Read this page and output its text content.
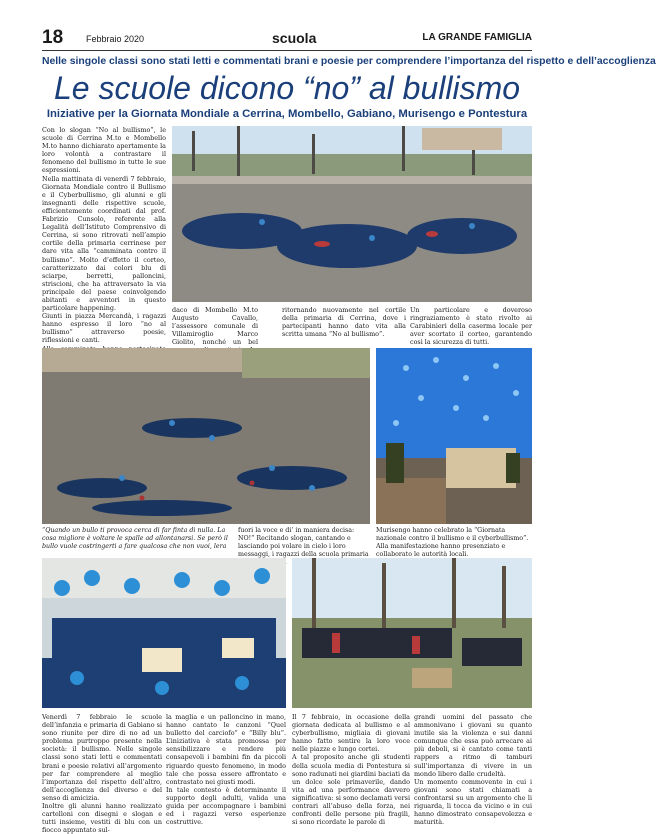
18	Febbraio 2020	scuola	LA GRANDE FAMIGLIA
Nelle singole classi sono stati letti e commentati brani e poesie per comprendere l’importanza del rispetto e dell’accoglienza
Le scuole dicono “no” al bullismo
Iniziative per la Giornata Mondiale a Cerrina, Mombello, Gabiano, Murisengo e Pontestura

Con lo slogan “No al bullismo”, le scuole di Cerrina M.to e Mombello M.to hanno dichiarato apertamente la loro volontà a contrastare il fenomeno del bullismo in tutte le sue espressioni.

Nella mattinata di venerdì 7 febbraio, Giornata Mondiale contro il Bullismo e il Cyberbullismo, gli alunni e gli insegnanti delle rispettive scuole, efficientemente coordinati dal prof. Fabrizio Cunsolo, referente alla Legalità dell’Istituto Comprensivo di Cerrina, si sono ritrovati nell’ampio cortile della primaria cerrinese per dare vita alla “camminata contro il bullismo”. Molto d’effetto il corteo, caratterizzato dai colori blu di sciarpe, berretti, palloncini, striscioni, che ha attraversato la via principale del paese coinvolgendo abitanti e avventori in questo particolare happening.

Giunti in piazza Mercandà, i ragazzi hanno espresso il loro “no al bullismo” attraverso poesie, riflessioni e canti.

daco di Mombello M.to Augusto Cavallo, l’assessore comunale di Villamiroglio Marco Giolito, nonché un bel
ritornando nuovamente nel cortile della primaria di Cerrina, dove i partecipanti hanno dato vita alla scritta umana “No al bullismo”.
Un particolare e doveroso ringraziamento è stato rivolto ai Carabinieri della caserma locale per aver scortato il corteo, garantendo così la sicurezza di tutti.
“Quando un bullo ti provoca cerca di far finta di nulla. La cosa migliore è voltare le spalle ad allontanarsi. Se però il bullo vuole costringerti a fare qualcosa che non vuoi, lera
fuori la voce e di’ in maniera decisa: NO!” Recitando slogan, cantando e lasciando poi volare in cielo i loro messaggi, i ragazzi della scuola primaria
Murisengo hanno celebrato la “Giornata nazionale contro il bullismo e il cyberbullismo”. Alla manifestazione hanno presenziato e collaborato le autorità locali.

Venerdì 7 febbraio le scuole dell’infanzia e primaria di Gabiano si sono riunite per dire di no ad un problema purtroppo presente nella società: il bullismo. Nelle singole classi sono stati letti e commentati brani e poesie relativi all’argomento per far comprendere al meglio l’importanza del rispetto dell’altro, dell’accoglienza del diverso e del senso di amicizia.

Inoltre gli alunni hanno realizzato cartelloni con disegni e slogan e tutti insieme, vestiti di blu con un fiocco appuntato sul-

la maglia e un palloncino in mano, hanno cantato le canzoni “Quel bulletto del carciofo” e “Billy blu”. L’iniziativa è stata promossa per sensibilizzare e rendere più consapevoli i bambini fin da piccoli riguardo questo fenomeno, in modo tale che possa essere affrontato e contrastato nei giusti modi.

In tale contesto è determinante il supporto degli adulti, valida una guida per accompagnare i bambini ed i ragazzi verso esperienze costruttive.

Il 7 febbraio, in occasione della giornata dedicata al bullismo e al cyberbullismo, migliaia di giovani hanno fatto sentire la loro voce nelle piazze e lungo cortei.

A tal proposito anche gli studenti della scuola media di Pontestura si sono radunati nei giardini baciati da un dolce sole primaverile, dando vita ad una performance davvero significativa: si sono declamati versi contrari all’abuso della forza, nei confronti delle persone più fragili, si sono ricordate le parole di

grandi uomini del passato che ammonivano i giovani su quanto inutile sia la violenza e sui danni comunque che essa può arrecare ai più deboli, si è cantato come tanti rappers a ritmo di tamburi sull’importanza di vivere in un mondo libero dalle crudeltà.

Un momento commovente in cui i giovani sono stati chiamati a confrontarsi su un argomento che li riguarda, li tocca da vicino e in cui hanno dimostrato consapevolezza e maturità.
